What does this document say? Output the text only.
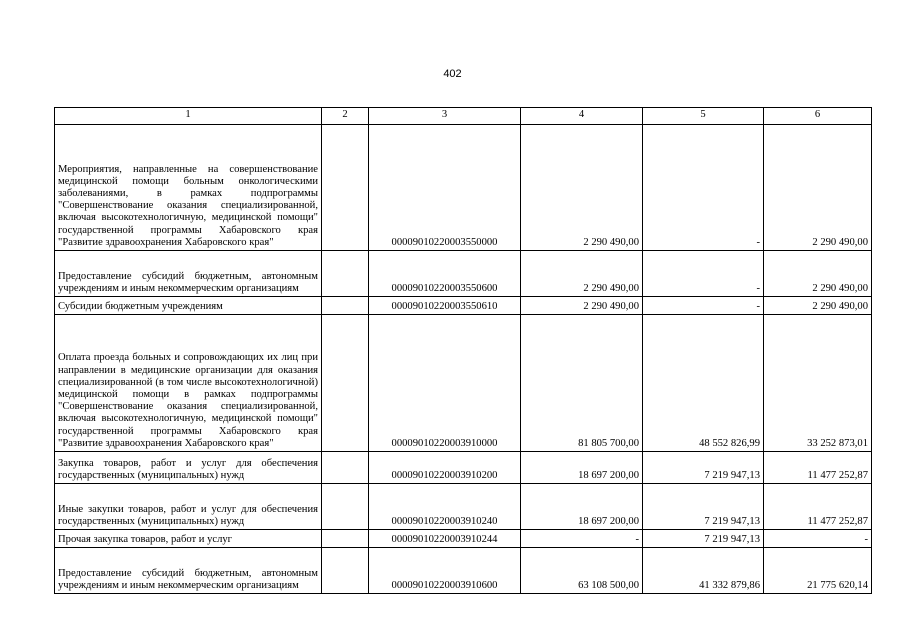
402
1	2	3	4	5	6
Мероприятия, направленные на совершенствование медицинской помощи больным онкологическими заболеваниями, в рамках подпрограммы "Совершенствование оказания специализированной, включая высокотехнологичную, медицинской помощи" государственной программы Хабаровского края "Развитие здравоохранения Хабаровского края"		00009010220003550000	2 290 490,00	-	2 290 490,00
Предоставление субсидий бюджетным, автономным учреждениям и иным некоммерческим организациям		00009010220003550600	2 290 490,00	-	2 290 490,00
Субсидии бюджетным учреждениям		00009010220003550610	2 290 490,00	-	2 290 490,00
Оплата проезда больных и сопровождающих их лиц при направлении в медицинские организации для оказания специализированной (в том числе высокотехнологичной) медицинской помощи в рамках подпрограммы "Совершенствование оказания специализированной, включая высокотехнологичную, медицинской помощи" государственной программы Хабаровского края "Развитие здравоохранения Хабаровского края"		00009010220003910000	81 805 700,00	48 552 826,99	33 252 873,01
Закупка товаров, работ и услуг для обеспечения государственных (муниципальных) нужд		00009010220003910200	18 697 200,00	7 219 947,13	11 477 252,87
Иные закупки товаров, работ и услуг для обеспечения государственных (муниципальных) нужд		00009010220003910240	18 697 200,00	7 219 947,13	11 477 252,87
Прочая закупка товаров, работ и услуг		00009010220003910244	-	7 219 947,13	-
Предоставление субсидий бюджетным, автономным учреждениям и иным некоммерческим организациям		00009010220003910600	63 108 500,00	41 332 879,86	21 775 620,14
